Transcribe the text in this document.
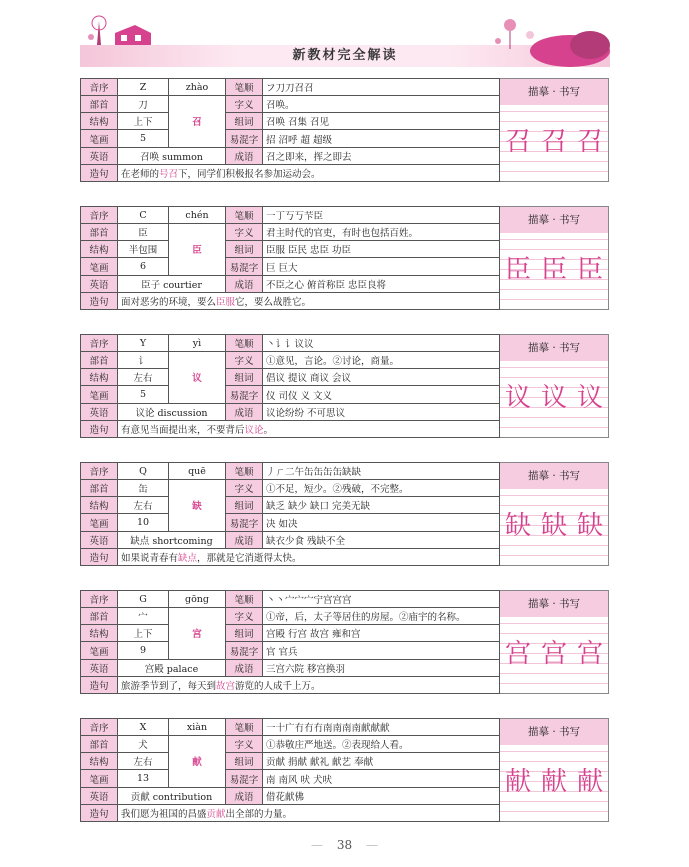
新教材完全解读
音序	Z	zhào	笔顺	フ刀刀召召
部首	刀	召	字义	召唤。
结构	上下		组词	召唤 召集 召见
笔画	5		易混字	招 沼呼 超 超级
英语	召唤 summon		成语	召之即来，挥之即去
造句	在老师的号召下，同学们积极报名参加运动会。			
描摹 · 书写
召 召 召
音序	C	chén	笔顺	一丁丂丂芐臣
部首	臣	臣	字义	君主时代的官吏，有时也包括百姓。
结构	半包围		组词	臣服 臣民 忠臣 功臣
笔画	6		易混字	巨 巨大
英语	臣子 courtier		成语	不臣之心 俯首称臣 忠臣良将
造句	面对恶劣的环境，要么臣服它，要么战胜它。			
描摹 · 书写
臣 臣 臣
音序	Y	yì	笔顺	丶讠讠议议
部首	讠	议	字义	①意见，言论。②讨论，商量。
结构	左右		组词	倡议 提议 商议 会议
笔画	5		易混字	仪 司仪 义 文义
英语	议论 discussion		成语	议论纷纷 不可思议
造句	有意见当面提出来，不要背后议论。			
描摹 · 书写
议 议 议
音序	Q	quē	笔顺	丿ㄏ二午缶缶缶缶缺缺
部首	缶	缺	字义	①不足，短少。②残破，不完整。
结构	左右		组词	缺乏 缺少 缺口 完美无缺
笔画	10		易混字	决 如决
英语	缺点 shortcoming		成语	缺衣少食 残缺不全
造句	如果说青春有缺点，那就是它消逝得太快。			
描摹 · 书写
缺 缺 缺
音序	G	gōng	笔顺	丶丶宀宀宀宁宫宫宫
部首	宀	宫	字义	①帝，后，太子等居住的房屋。②庙宇的名称。
结构	上下		组词	宫殿 行宫 故宫 雍和宫
笔画	9		易混字	官 官兵
英语	宫殿 palace		成语	三宫六院 移宫换羽
造句	旅游季节到了，每天到故宫游览的人成千上万。			
描摹 · 书写
宫 宫 宫
音序	X	xiàn	笔顺	一十广冇冇冇南南南南献献献
部首	犬	献	字义	①恭敬庄严地送。②表现给人看。
结构	左右		组词	贡献 捐献 献礼 献艺 奉献
笔画	13		易混字	南 南风 吠 犬吠
英语	贡献 contribution		成语	借花献佛
造句	我们愿为祖国的昌盛贡献出全部的力量。			
描摹 · 书写
献 献 献
— 38 —
